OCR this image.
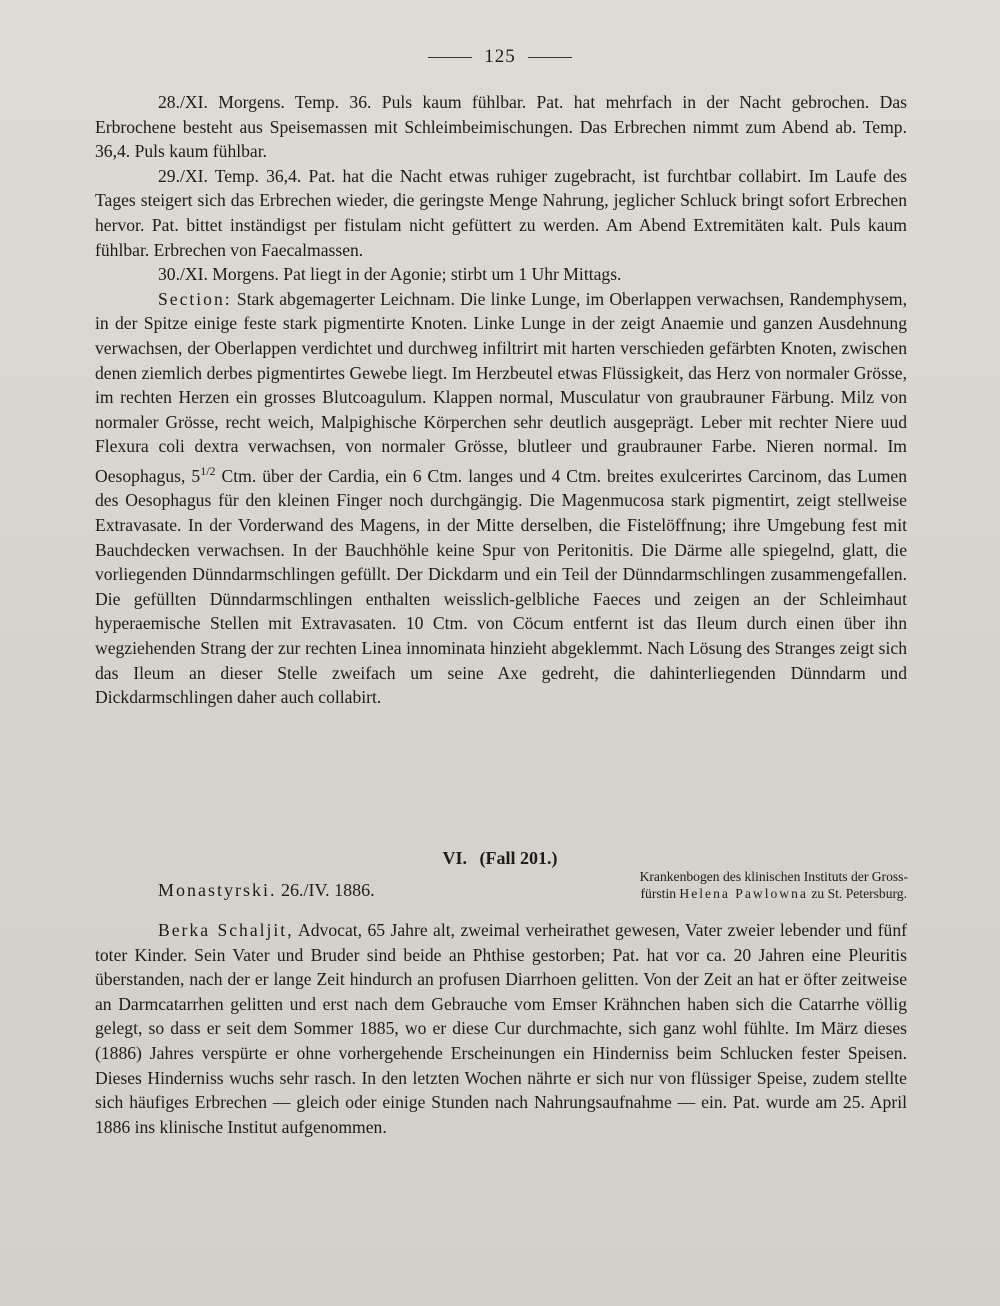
125

28./XI. Morgens. Temp. 36. Puls kaum fühlbar. Pat. hat mehrfach in der Nacht gebrochen. Das Erbrochene besteht aus Speisemassen mit Schleimbeimischungen. Das Erbrechen nimmt zum Abend ab. Temp. 36,4. Puls kaum fühlbar.

29./XI. Temp. 36,4. Pat. hat die Nacht etwas ruhiger zugebracht, ist furchtbar collabirt. Im Laufe des Tages steigert sich das Erbrechen wieder, die geringste Menge Nahrung, jeglicher Schluck bringt sofort Erbrechen hervor. Pat. bittet inständigst per fistulam nicht gefüttert zu werden. Am Abend Extremitäten kalt. Puls kaum fühlbar. Erbrechen von Faecalmassen.

30./XI. Morgens. Pat liegt in der Agonie; stirbt um 1 Uhr Mittags.

Section: Stark abgemagerter Leichnam. Die linke Lunge, im Oberlappen verwachsen, Randemphysem, in der Spitze einige feste stark pigmentirte Knoten. Linke Lunge in der zeigt Anaemie und ganzen Ausdehnung verwachsen, der Oberlappen verdichtet und durchweg infiltrirt mit harten verschieden gefärbten Knoten, zwischen denen ziemlich derbes pigmentirtes Gewebe liegt. Im Herzbeutel etwas Flüssigkeit, das Herz von normaler Grösse, im rechten Herzen ein grosses Blutcoagulum. Klappen normal, Musculatur von graubrauner Färbung. Milz von normaler Grösse, recht weich, Malpighische Körperchen sehr deutlich ausgeprägt. Leber mit rechter Niere uud Flexura coli dextra verwachsen, von normaler Grösse, blutleer und graubrauner Farbe. Nieren normal. Im Oesophagus, $5^{1/2}$ Ctm. über der Cardia, ein 6 Ctm. langes und 4 Ctm. breites exulcerirtes Carcinom, das Lumen des Oesophagus für den kleinen Finger noch durchgängig. Die Magenmucosa stark pigmentirt, zeigt stellweise Extravasate. In der Vorderwand des Magens, in der Mitte derselben, die Fistelöffnung; ihre Umgebung fest mit Bauchdecken verwachsen. In der Bauchhöhle keine Spur von Peritonitis. Die Därme alle spiegelnd, glatt, die vorliegenden Dünndarmschlingen gefüllt. Der Dickdarm und ein Teil der Dünndarmschlingen zusammengefallen. Die gefüllten Dünndarmschlingen enthalten weisslich-gelbliche Faeces und zeigen an der Schleimhaut hyperaemische Stellen mit Extravasaten. 10 Ctm. von Cöcum entfernt ist das Ileum durch einen über ihn wegziehenden Strang der zur rechten Linea innominata hinzieht abgeklemmt. Nach Lösung des Stranges zeigt sich das Ileum an dieser Stelle zweifach um seine Axe gedreht, die dahinterliegenden Dünndarm und Dickdarmschlingen daher auch collabirt.

VI. (Fall 201.)
Monastyrski. 26./IV. 1886.
Krankenbogen des klinischen Instituts der Gross-
fürstin Helena Pawlowna zu St. Petersburg.

Berka Schaljit, Advocat, 65 Jahre alt, zweimal verheirathet gewesen, Vater zweier lebender und fünf toter Kinder. Sein Vater und Bruder sind beide an Phthise gestorben; Pat. hat vor ca. 20 Jahren eine Pleuritis überstanden, nach der er lange Zeit hindurch an profusen Diarrhoen gelitten. Von der Zeit an hat er öfter zeitweise an Darmcatarrhen gelitten und erst nach dem Gebrauche vom Emser Krähnchen haben sich die Catarrhe völlig gelegt, so dass er seit dem Sommer 1885, wo er diese Cur durchmachte, sich ganz wohl fühlte. Im März dieses (1886) Jahres verspürte er ohne vorhergehende Erscheinungen ein Hinderniss beim Schlucken fester Speisen. Dieses Hinderniss wuchs sehr rasch. In den letzten Wochen nährte er sich nur von flüssiger Speise, zudem stellte sich häufiges Erbrechen — gleich oder einige Stunden nach Nahrungsaufnahme — ein. Pat. wurde am 25. April 1886 ins klinische Institut aufgenommen.
